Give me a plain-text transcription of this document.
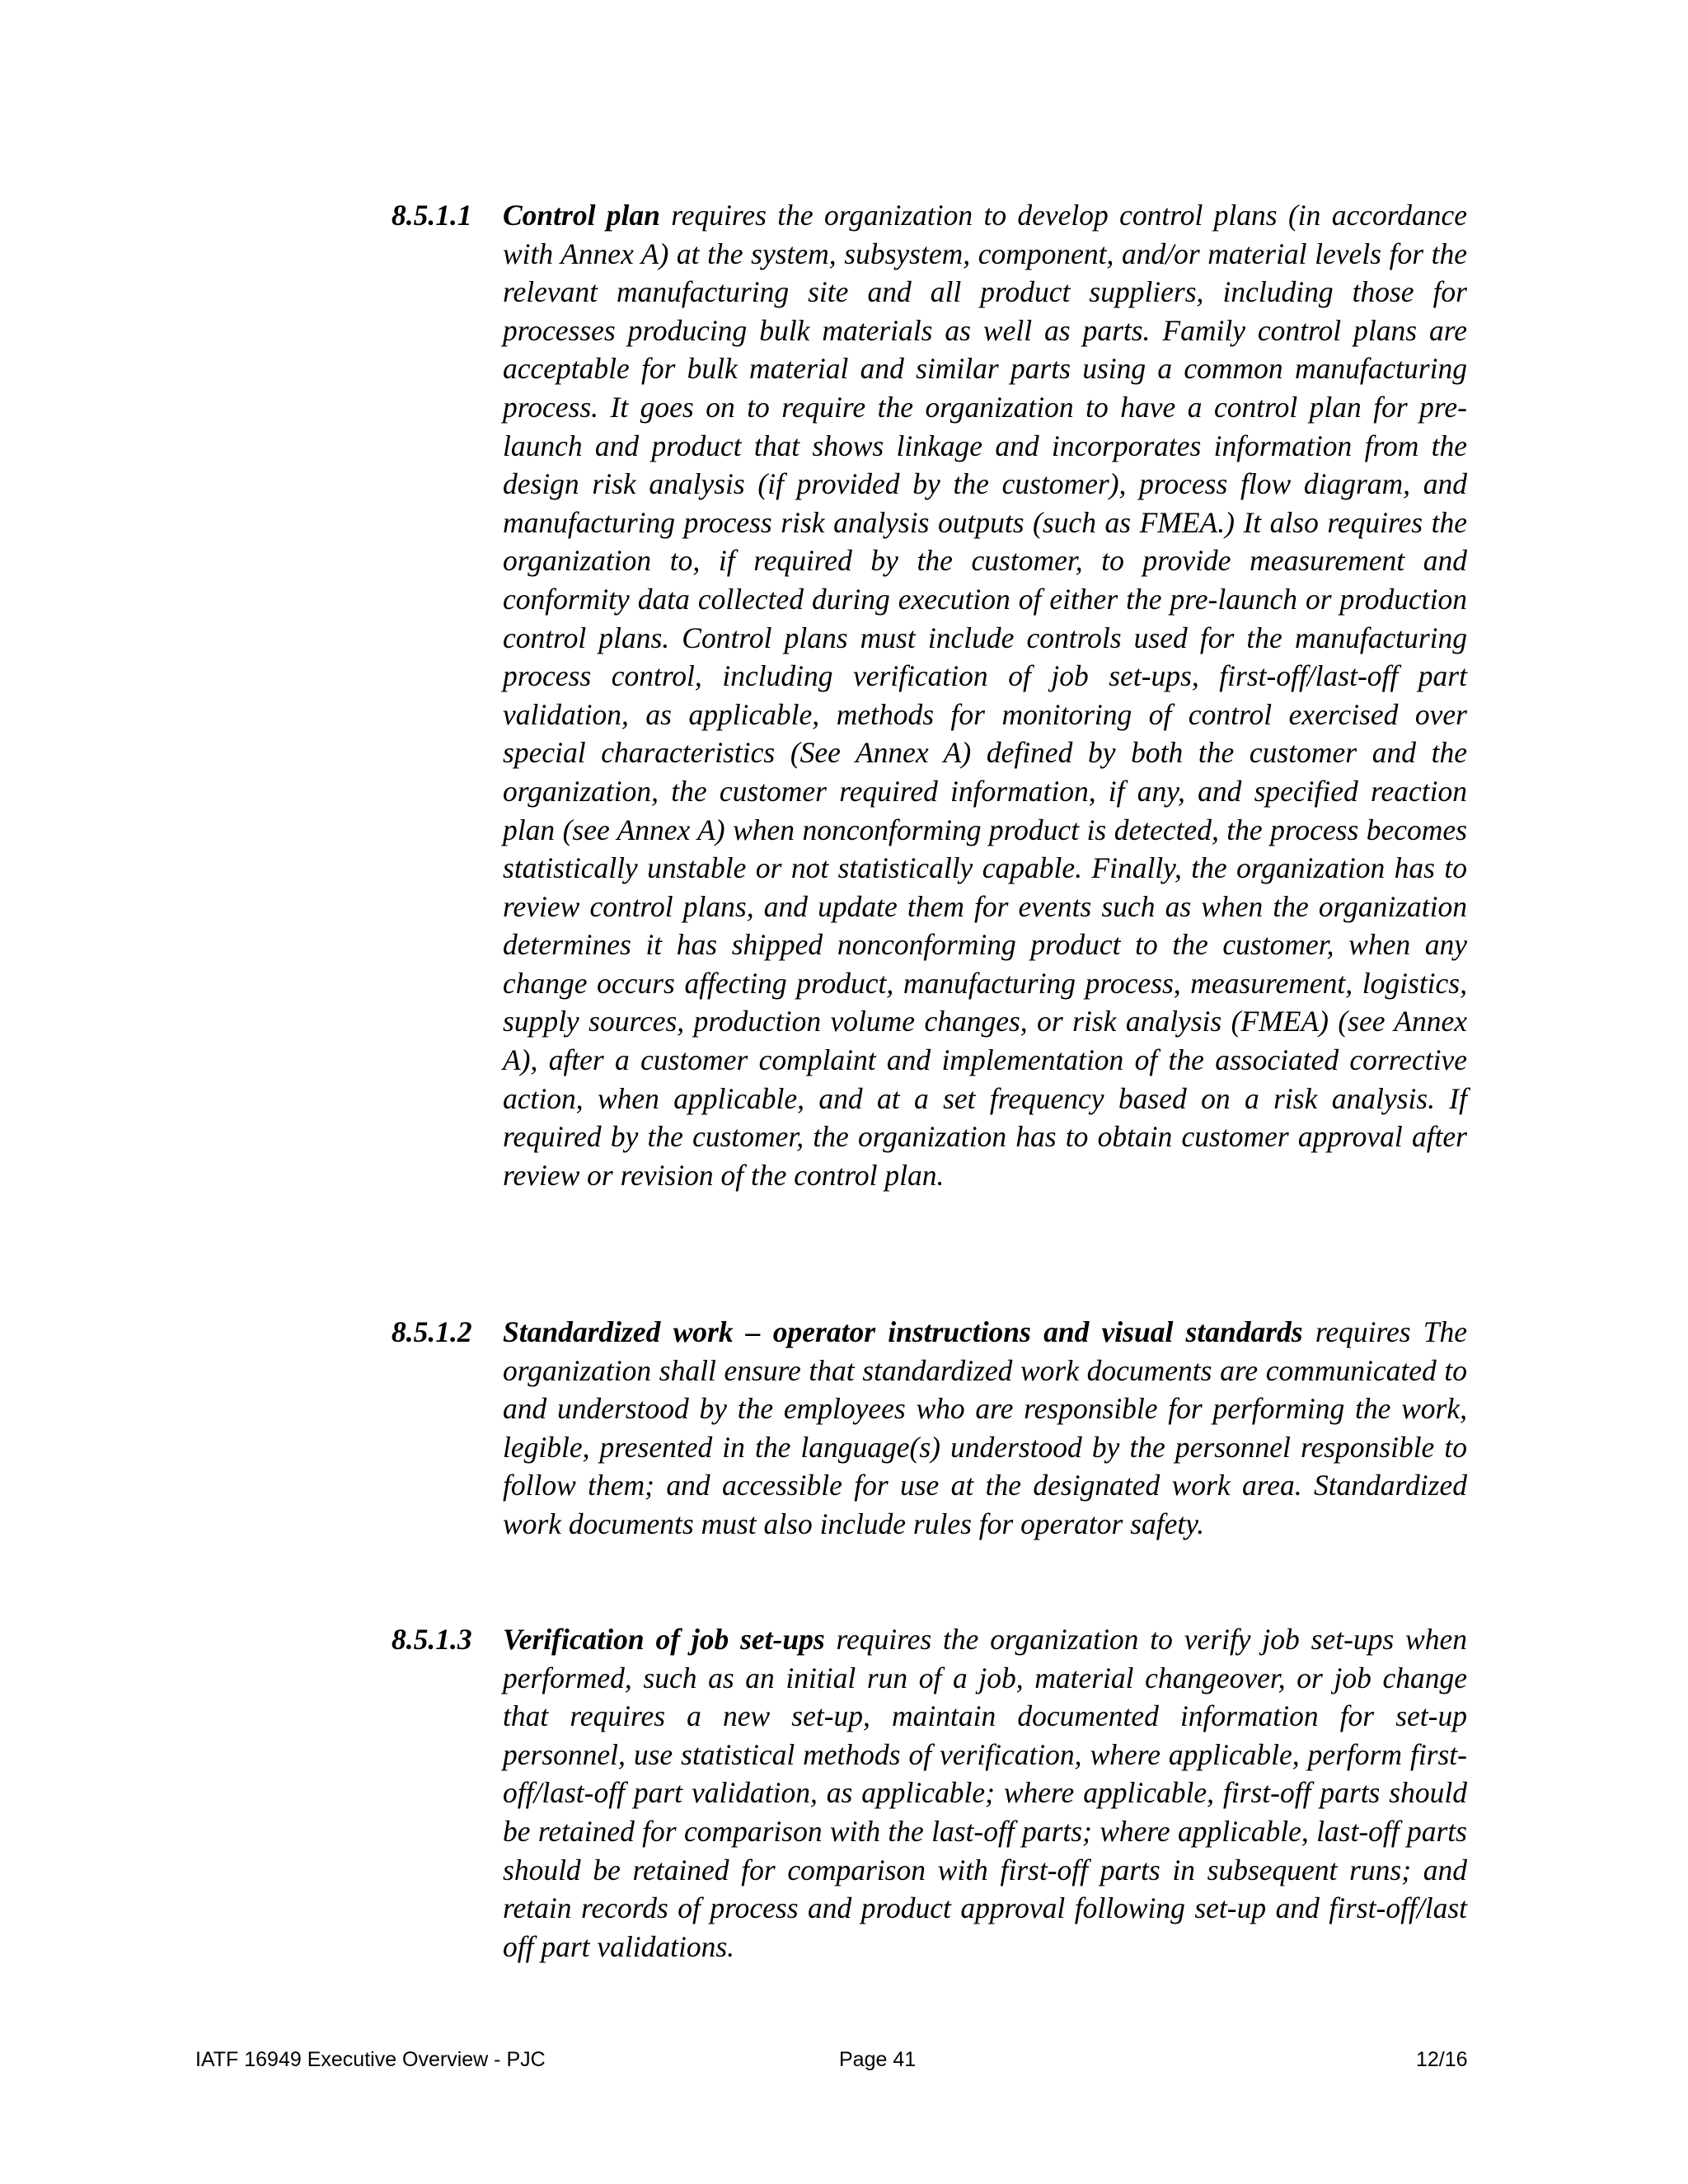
8.5.1.1 Control plan requires the organization to develop control plans (in accordance with Annex A) at the system, subsystem, component, and/or material levels for the relevant manufacturing site and all product suppliers, including those for processes producing bulk materials as well as parts. Family control plans are acceptable for bulk material and similar parts using a common manufacturing process. It goes on to require the organization to have a control plan for pre-launch and product that shows linkage and incorporates information from the design risk analysis (if provided by the customer), process flow diagram, and manufacturing process risk analysis outputs (such as FMEA.) It also requires the organization to, if required by the customer, to provide measurement and conformity data collected during execution of either the pre-launch or production control plans. Control plans must include controls used for the manufacturing process control, including verification of job set-ups, first-off/last-off part validation, as applicable, methods for monitoring of control exercised over special characteristics (See Annex A) defined by both the customer and the organization, the customer required information, if any, and specified reaction plan (see Annex A) when nonconforming product is detected, the process becomes statistically unstable or not statistically capable. Finally, the organization has to review control plans, and update them for events such as when the organization determines it has shipped nonconforming product to the customer, when any change occurs affecting product, manufacturing process, measurement, logistics, supply sources, production volume changes, or risk analysis (FMEA) (see Annex A), after a customer complaint and implementation of the associated corrective action, when applicable, and at a set frequency based on a risk analysis. If required by the customer, the organization has to obtain customer approval after review or revision of the control plan.
8.5.1.2 Standardized work – operator instructions and visual standards requires The organization shall ensure that standardized work documents are communicated to and understood by the employees who are responsible for performing the work, legible, presented in the language(s) understood by the personnel responsible to follow them; and accessible for use at the designated work area. Standardized work documents must also include rules for operator safety.
8.5.1.3 Verification of job set-ups requires the organization to verify job set-ups when performed, such as an initial run of a job, material changeover, or job change that requires a new set-up, maintain documented information for set-up personnel, use statistical methods of verification, where applicable, perform first-off/last-off part validation, as applicable; where applicable, first-off parts should be retained for comparison with the last-off parts; where applicable, last-off parts should be retained for comparison with first-off parts in subsequent runs; and retain records of process and product approval following set-up and first-off/last off part validations.
IATF 16949 Executive Overview - PJC	Page 41	12/16
